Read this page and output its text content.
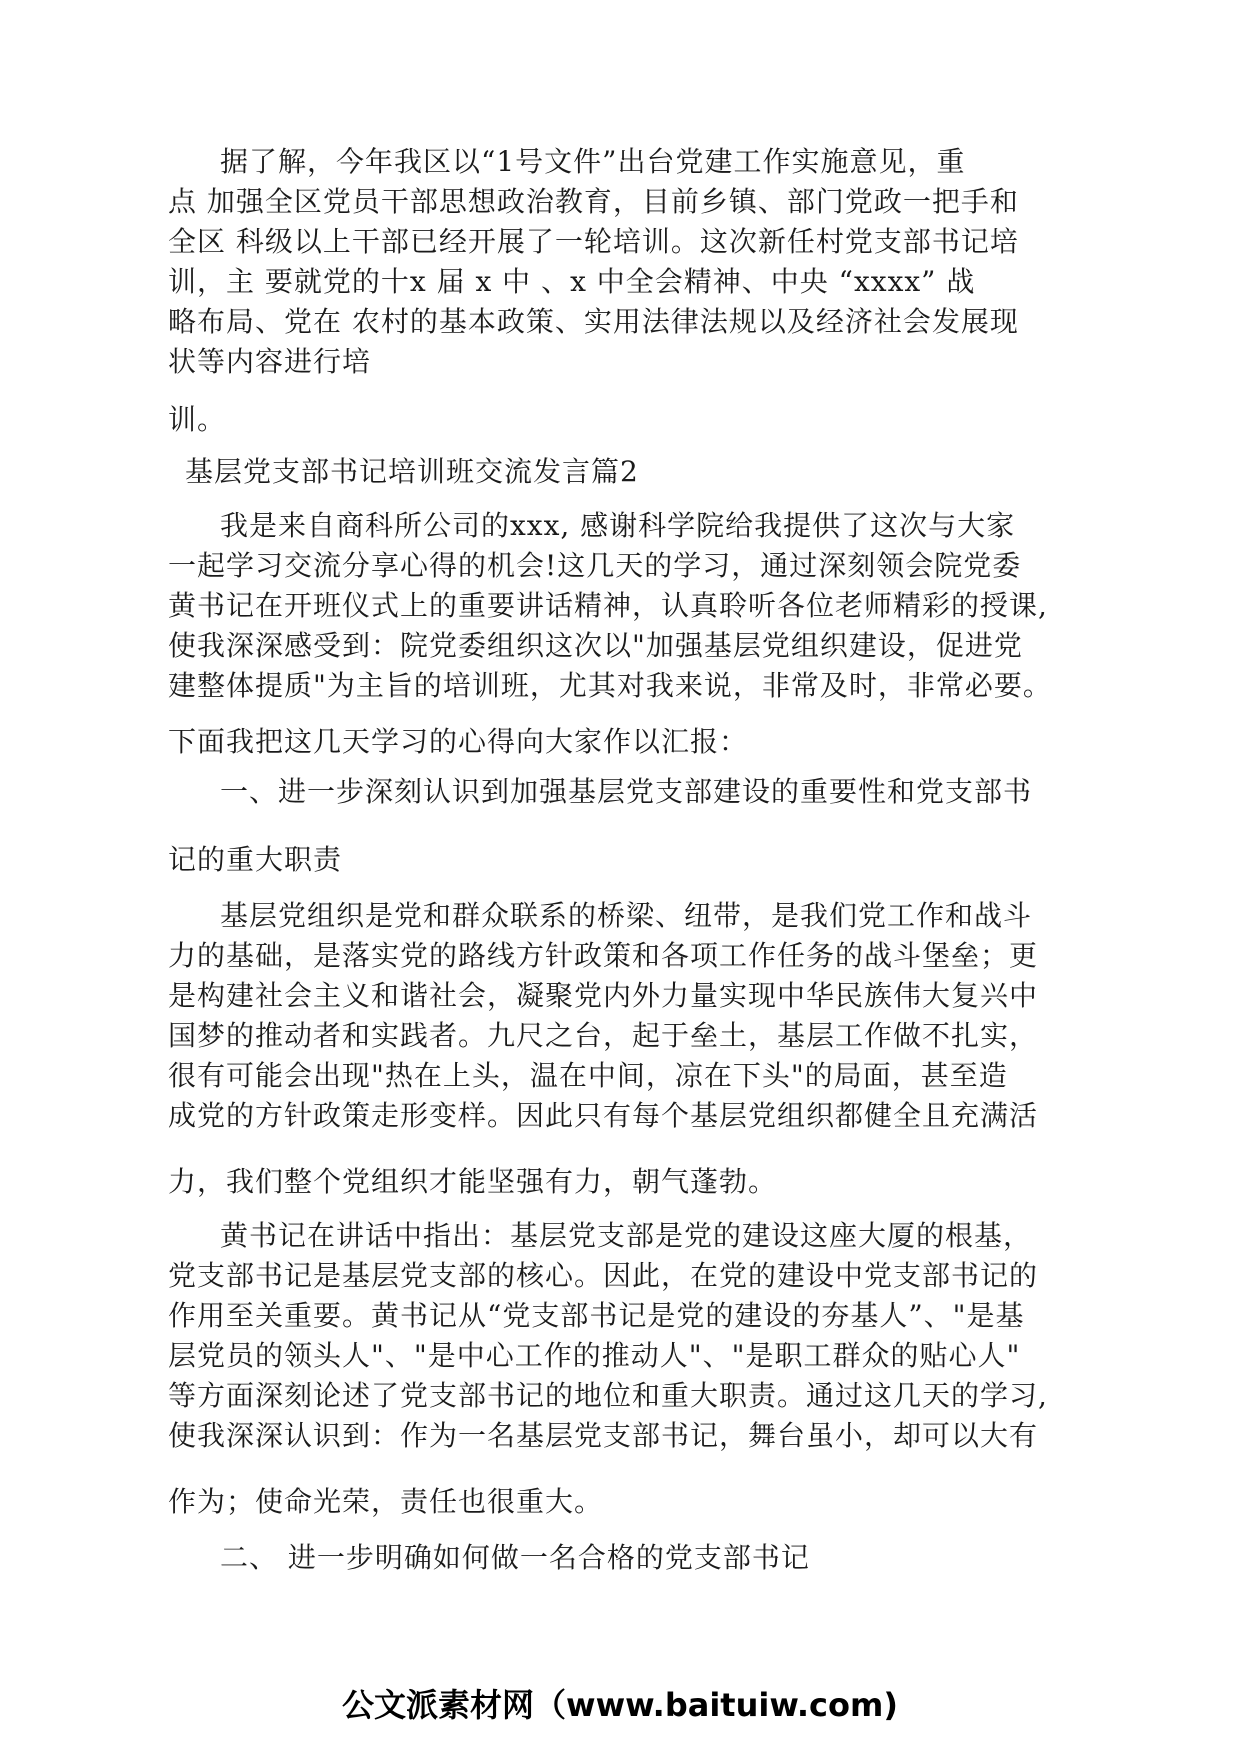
据了解，今年我区以“1号文件”出台党建工作实施意见，重
点 加强全区党员干部思想政治教育，目前乡镇、部门党政一把手和
全区 科级以上干部已经开展了一轮培训。这次新任村党支部书记培
训，主 要就党的十x 届 x 中 、x 中全会精神、中央 “xxxx” 战
略布局、党在 农村的基本政策、实用法律法规以及经济社会发展现
状等内容进行培
训。
基层党支部书记培训班交流发言篇2
我是来自商科所公司的xxx, 感谢科学院给我提供了这次与大家
一起学习交流分享心得的机会!这几天的学习，通过深刻领会院党委
黄书记在开班仪式上的重要讲话精神，认真聆听各位老师精彩的授课,
使我深深感受到：院党委组织这次以"加强基层党组织建设，促进党
建整体提质"为主旨的培训班，尤其对我来说，非常及时，非常必要。
下面我把这几天学习的心得向大家作以汇报：
一、进一步深刻认识到加强基层党支部建设的重要性和党支部书
记的重大职责
基层党组织是党和群众联系的桥梁、纽带，是我们党工作和战斗
力的基础，是落实党的路线方针政策和各项工作任务的战斗堡垒；更
是构建社会主义和谐社会，凝聚党内外力量实现中华民族伟大复兴中
国梦的推动者和实践者。九尺之台，起于垒土，基层工作做不扎实，
很有可能会出现"热在上头，温在中间，凉在下头"的局面，甚至造
成党的方针政策走形变样。因此只有每个基层党组织都健全且充满活
力，我们整个党组织才能坚强有力，朝气蓬勃。
黄书记在讲话中指出：基层党支部是党的建设这座大厦的根基，
党支部书记是基层党支部的核心。因此，在党的建设中党支部书记的
作用至关重要。黄书记从“党支部书记是党的建设的夯基人”、"是基
层党员的领头人"、"是中心工作的推动人"、"是职工群众的贴心人"
等方面深刻论述了党支部书记的地位和重大职责。通过这几天的学习,
使我深深认识到：作为一名基层党支部书记，舞台虽小，却可以大有
作为；使命光荣，责任也很重大。
二、 进一步明确如何做一名合格的党支部书记
公文派素材网（www.baituiw.com)
